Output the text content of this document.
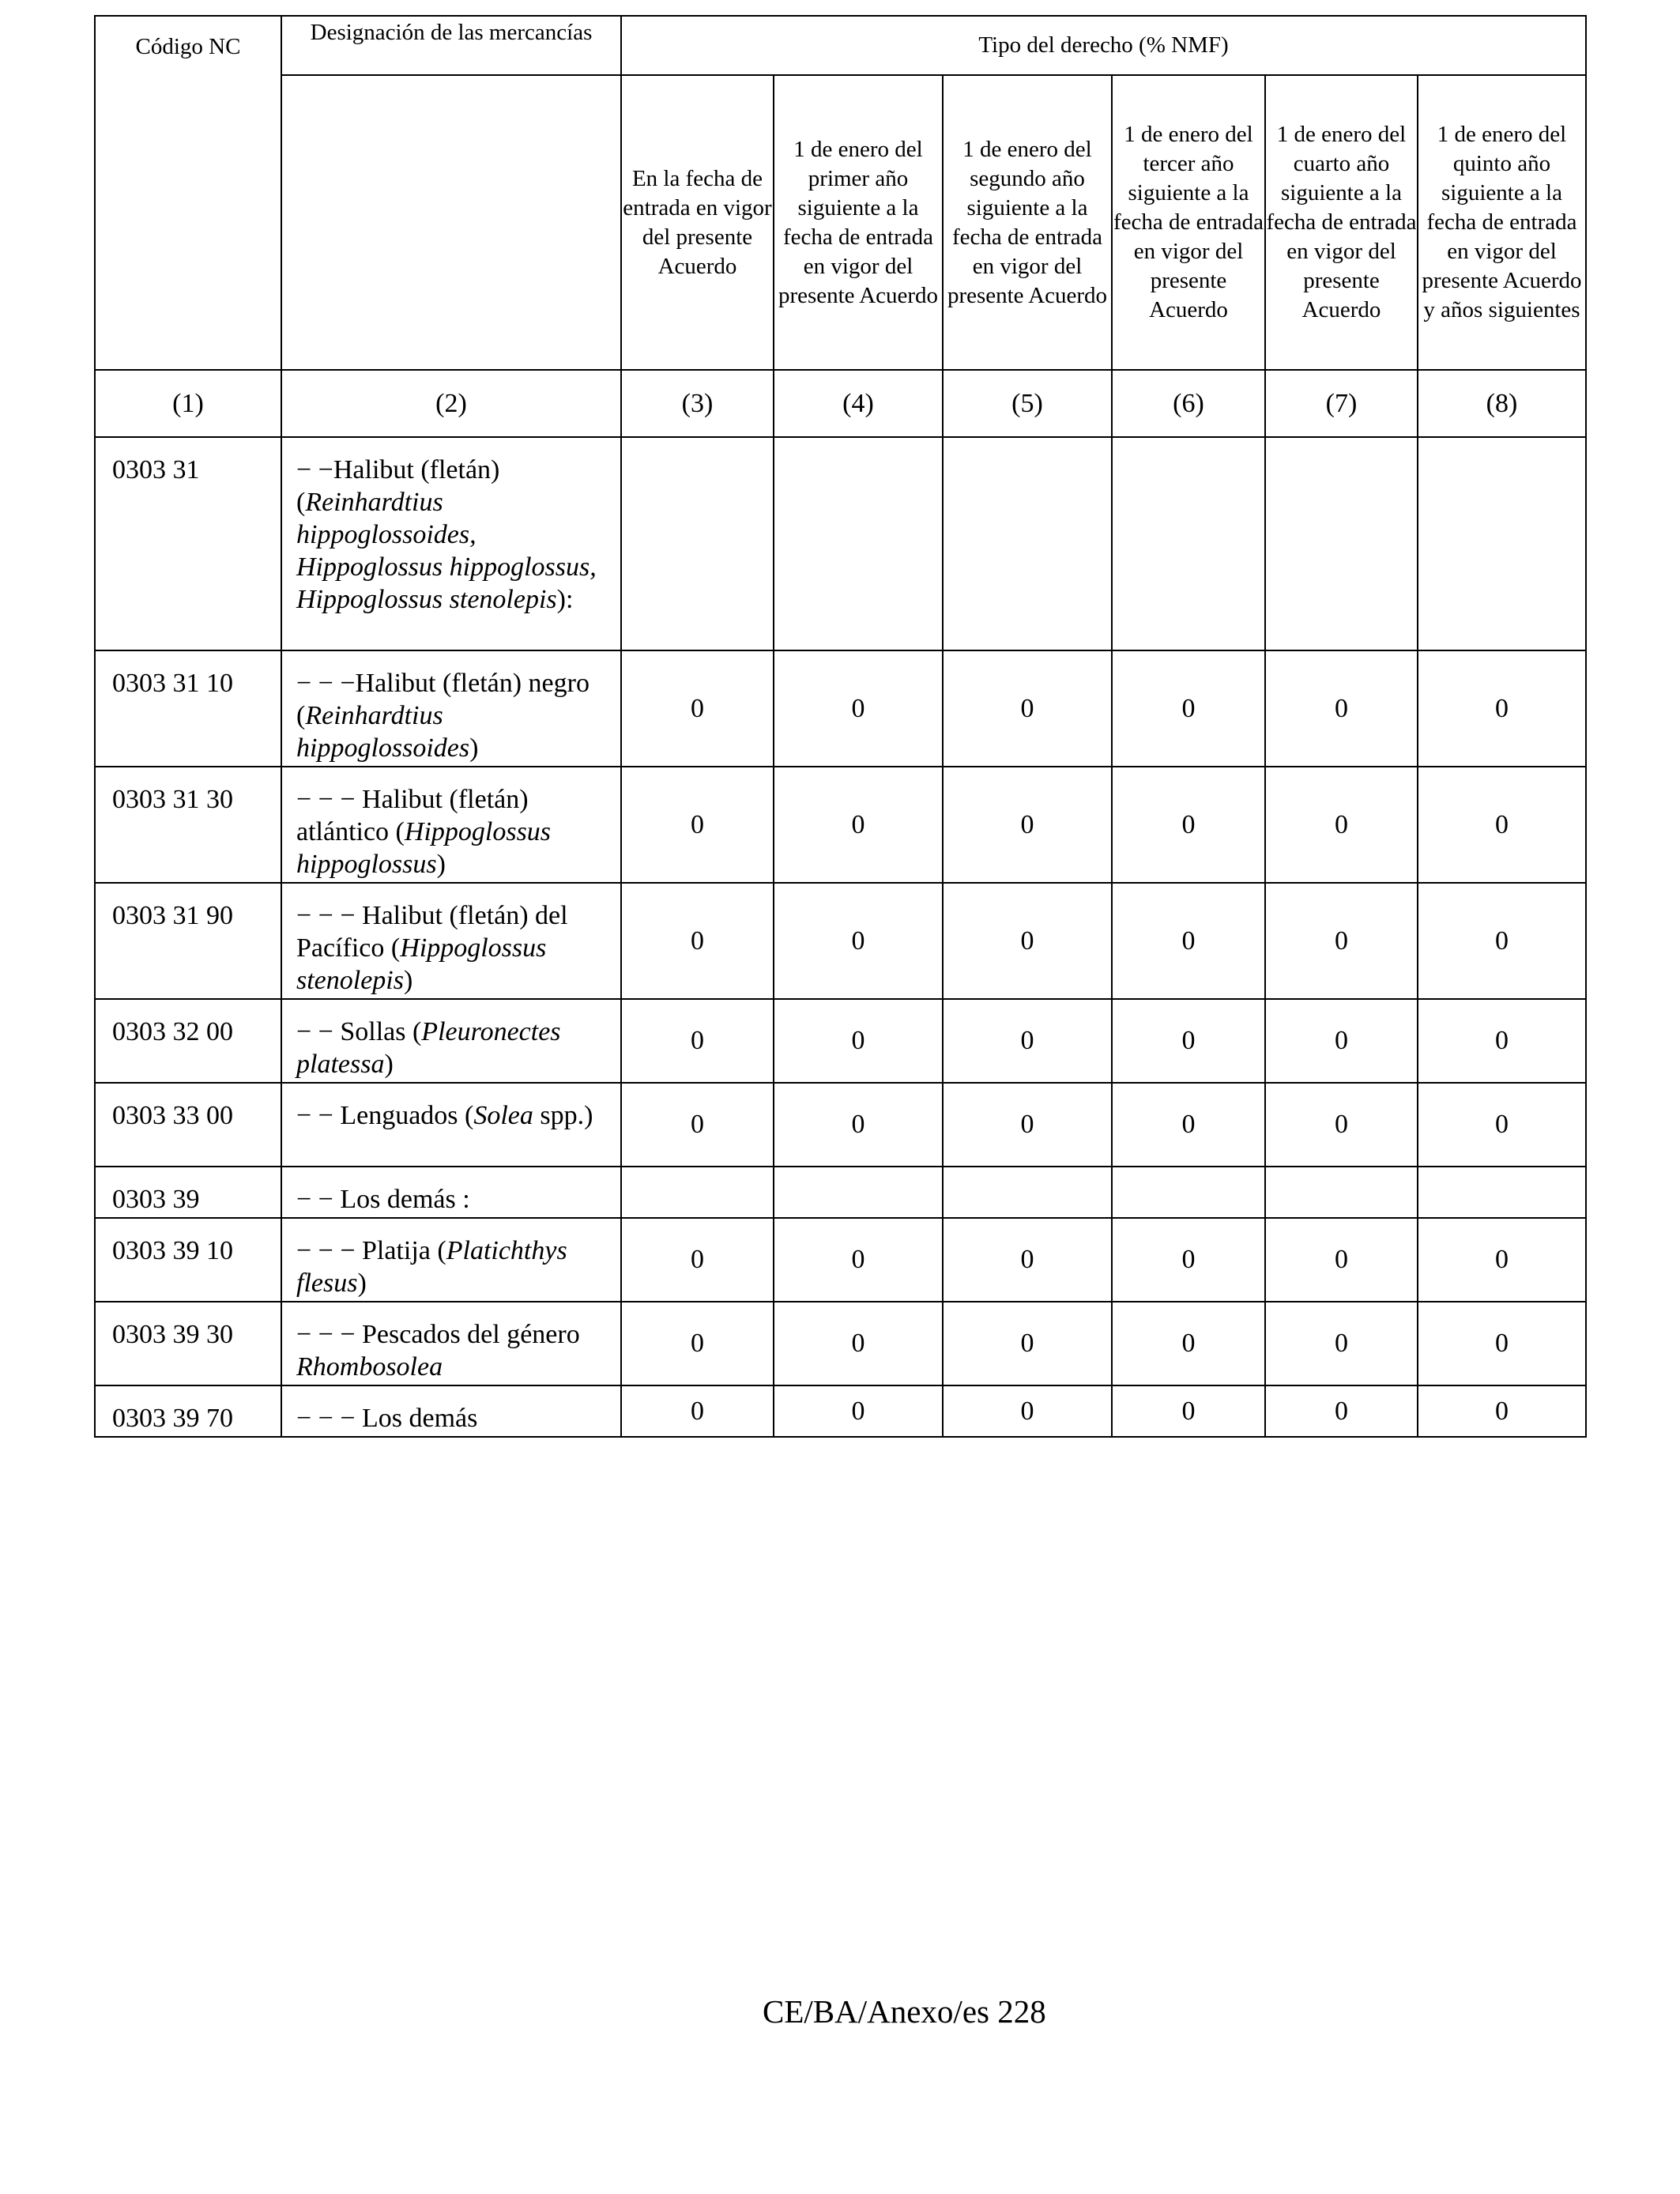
Código NC	Designación de las mercancías	Tipo del derecho (% NMF)					
		En la fecha de entrada en vigor del presente Acuerdo	1 de enero del primer año siguiente a la fecha de entrada en vigor del presente Acuerdo	1 de enero del segundo año siguiente a la fecha de entrada en vigor del presente Acuerdo	1 de enero del tercer año siguiente a la fecha de entrada en vigor del presente Acuerdo	1 de enero del cuarto año siguiente a la fecha de entrada en vigor del presente Acuerdo	1 de enero del quinto año siguiente a la fecha de entrada en vigor del presente Acuerdo y años siguientes
(1)	(2)	(3)	(4)	(5)	(6)	(7)	(8)
0303 31	− −Halibut (fletán) (Reinhardtius hippoglossoides, Hippoglossus hippoglossus, Hippoglossus stenolepis):						
0303 31 10	− − −Halibut (fletán) negro (Reinhardtius hippoglossoides)	0	0	0	0	0	0
0303 31 30	− − − Halibut (fletán) atlántico (Hippoglossus hippoglossus)	0	0	0	0	0	0
0303 31 90	− − − Halibut (fletán) del Pacífico (Hippoglossus stenolepis)	0	0	0	0	0	0
0303 32 00	− − Sollas (Pleuronectes platessa)	0	0	0	0	0	0
0303 33 00	− − Lenguados (Solea spp.)	0	0	0	0	0	0
0303 39	− − Los demás :						
0303 39 10	− − − Platija (Platichthys flesus)	0	0	0	0	0	0
0303 39 30	− − − Pescados del género Rhombosolea	0	0	0	0	0	0
0303 39 70	− − − Los demás	0	0	0	0	0	0
CE/BA/Anexo/es 228
